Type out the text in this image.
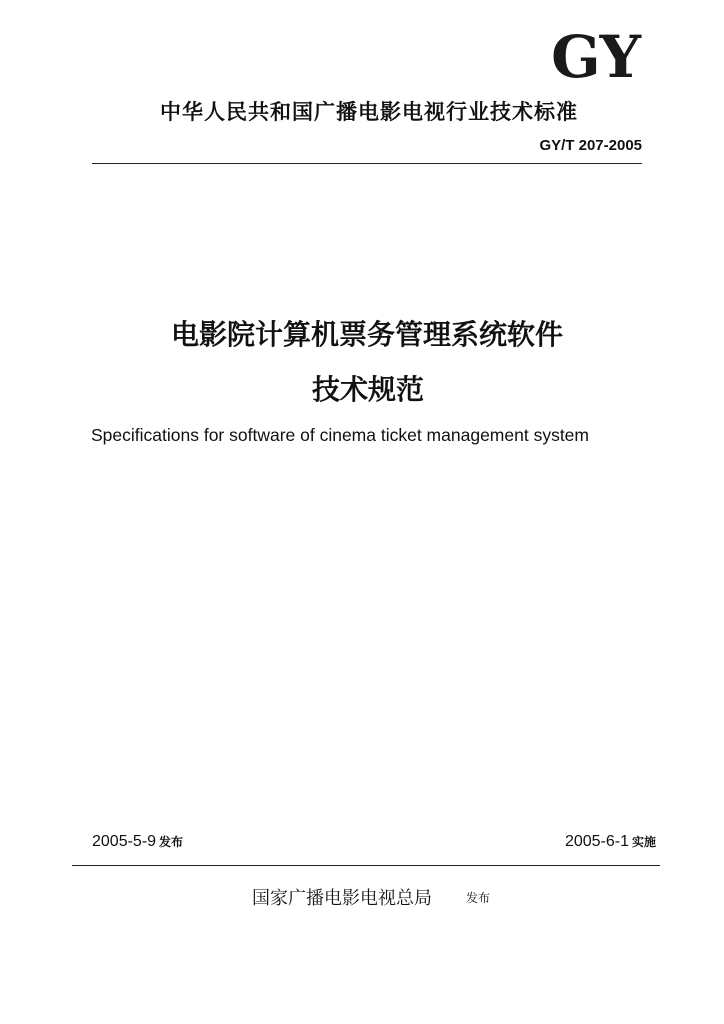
GY
中华人民共和国广播电影电视行业技术标准
GY/T 207-2005
电影院计算机票务管理系统软件
技术规范
Specifications for software of cinema ticket management system
2005-5-9 发布	2005-6-1 实施
国家广播电影电视总局	发布
